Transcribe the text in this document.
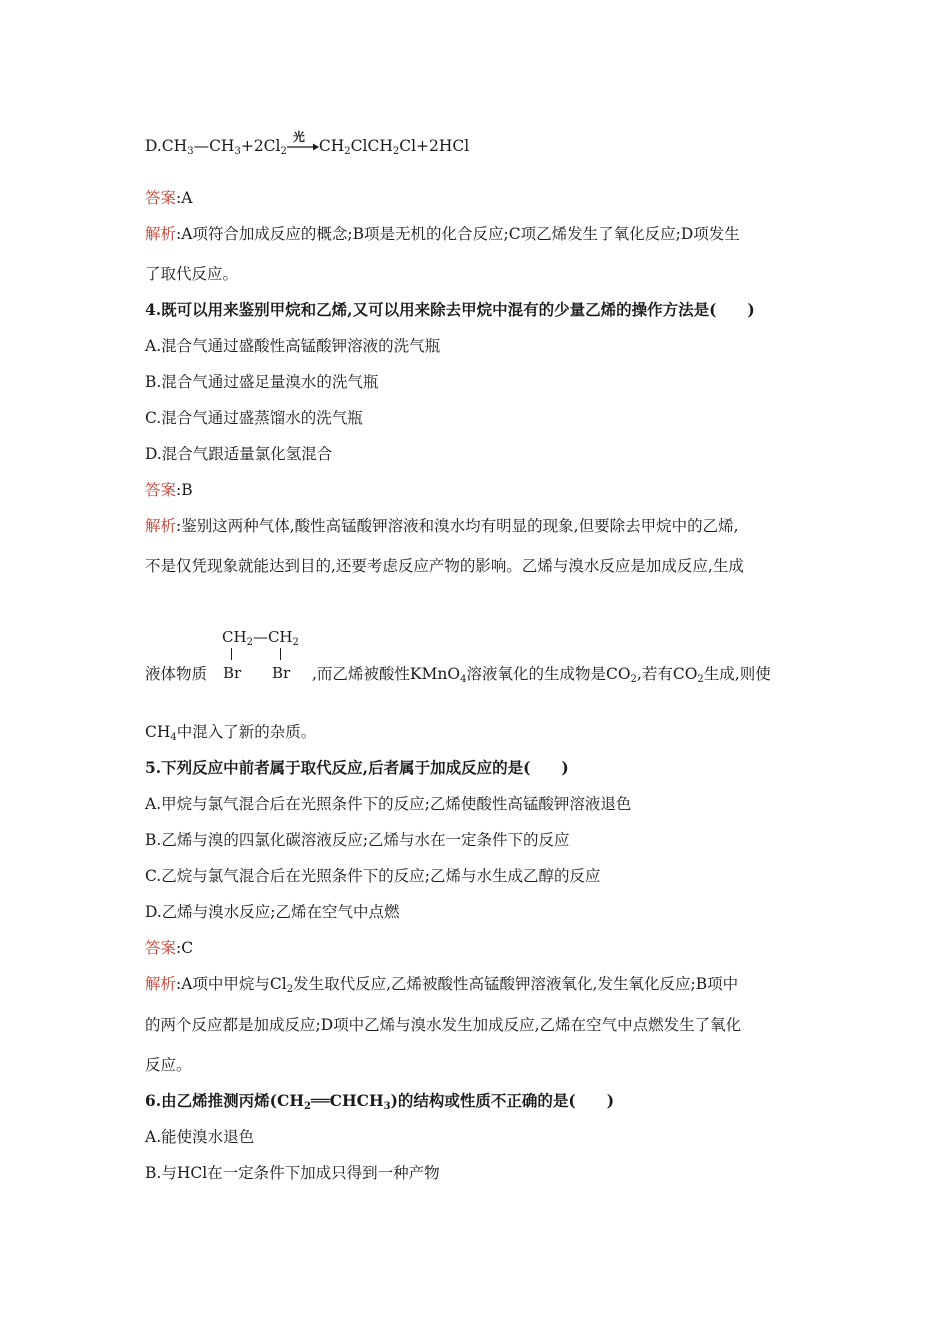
$D.CH_3—CH_3+2Cl_2$
光 $CH_2ClCH_2Cl+2HCl$
答案:A
解析:A项符合加成反应的概念;B项是无机的化合反应;C项乙烯发生了氧化反应;D项发生
了取代反应。
4.既可以用来鉴别甲烷和乙烯,又可以用来除去甲烷中混有的少量乙烯的操作方法是(　　)
A.混合气通过盛酸性高锰酸钾溶液的洗气瓶
B.混合气通过盛足量溴水的洗气瓶
C.混合气通过盛蒸馏水的洗气瓶
D.混合气跟适量氯化氢混合
答案:B
解析:鉴别这两种气体,酸性高锰酸钾溶液和溴水均有明显的现象,但要除去甲烷中的乙烯,
不是仅凭现象就能达到目的,还要考虑反应产物的影响。乙烯与溴水反应是加成反应,生成
$CH_2—CH_2$
Br Br
液体物质	,而乙烯被酸性KMnO$_4$溶液氧化的生成物是$CO_2$,若有$CO_2$生成,则使
$CH_4$中混入了新的杂质。
5.下列反应中前者属于取代反应,后者属于加成反应的是(　　)
A.甲烷与氯气混合后在光照条件下的反应;乙烯使酸性高锰酸钾溶液退色
B.乙烯与溴的四氯化碳溶液反应;乙烯与水在一定条件下的反应
C.乙烷与氯气混合后在光照条件下的反应;乙烯与水生成乙醇的反应
D.乙烯与溴水反应;乙烯在空气中点燃
答案:C
解析:A项中甲烷与$Cl_2$发生取代反应,乙烯被酸性高锰酸钾溶液氧化,发生氧化反应;B项中
的两个反应都是加成反应;D项中乙烯与溴水发生加成反应,乙烯在空气中点燃发生了氧化
反应。
6.由乙烯推测丙烯$(CH_2══CHCH_3)$的结构或性质不正确的是(　　)
A.能使溴水退色
B.与HCl在一定条件下加成只得到一种产物
